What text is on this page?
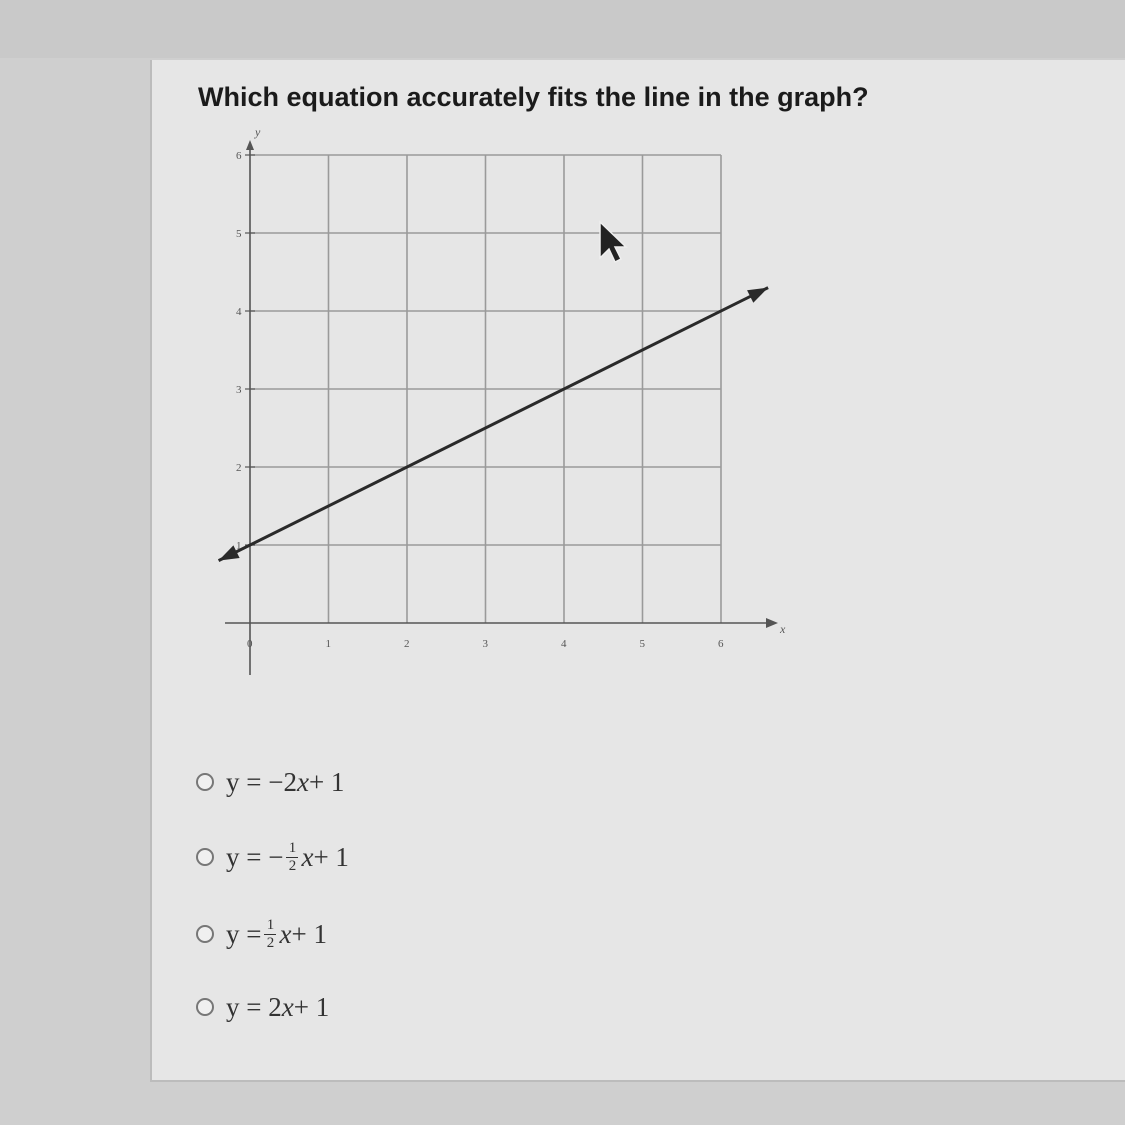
Which equation accurately fits the line in the graph?
x
y
0	1	2	3	4	5	6
1
2
3
4
5
6
y = −2 x + 1
y = − $\frac{1}{2}$ x + 1
$y = \frac{1}{2}$ x + 1
y = 2 x + 1
